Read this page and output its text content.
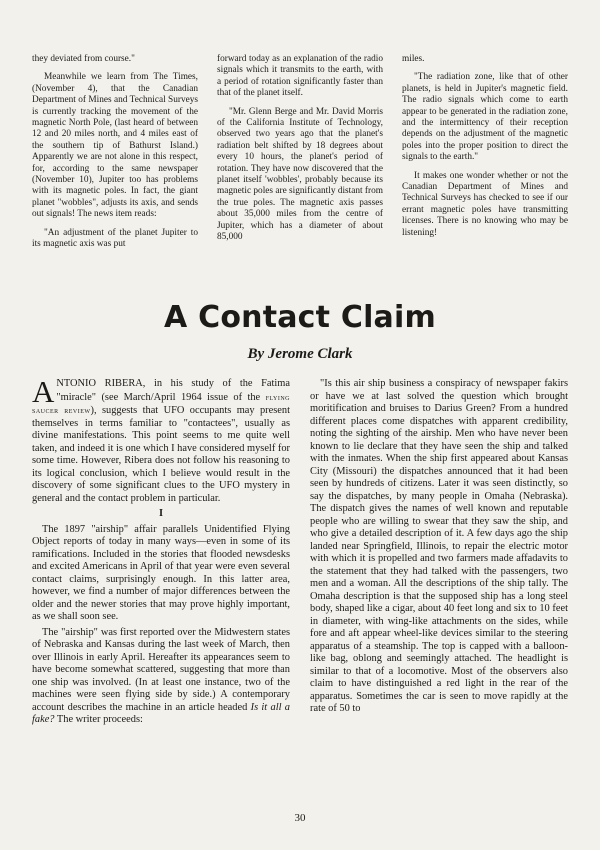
they deviated from course."

Meanwhile we learn from The Times, (November 4), that the Canadian Department of Mines and Technical Surveys is currently tracking the movement of the magnetic North Pole, (last heard of between 12 and 20 miles north, and 4 miles east of the southern tip of Bathurst Island.) Apparently we are not alone in this respect, for, according to the same newspaper (November 10), Jupiter too has problems with its magnetic poles. In fact, the giant planet "wobbles", adjusts its axis, and sends out signals! The news item reads:

"An adjustment of the planet Jupiter to its magnetic axis was put

forward today as an explanation of the radio signals which it transmits to the earth, with a period of rotation significantly faster than that of the planet itself.

"Mr. Glenn Berge and Mr. David Morris of the California Institute of Technology, observed two years ago that the planet's radiation belt shifted by 18 degrees about every 10 hours, the planet's period of rotation. They have now discovered that the planet itself 'wobbles', probably because its magnetic poles are significantly distant from the true poles. The magnetic axis passes about 35,000 miles from the centre of Jupiter, which has a diameter of about 85,000

miles.

"The radiation zone, like that of other planets, is held in Jupiter's magnetic field. The radio signals which come to earth appear to be generated in the radiation zone, and the intermittency of their reception depends on the adjustment of the magnetic poles into the proper position to direct the signals to the earth."

It makes one wonder whether or not the Canadian Department of Mines and Technical Surveys has checked to see if our errant magnetic poles have transmitting licenses. There is no knowing who may be listening!

A Contact Claim
By Jerome Clark

ANTONIO RIBERA, in his study of the Fatima "miracle" (see March/April 1964 issue of the flying saucer review), suggests that UFO occupants may present themselves in terms familiar to "contactees", usually as divine manifestations. This point seems to me quite well taken, and indeed it is one which I have considered myself for some time. However, Ribera does not follow his reasoning to its logical conclusion, which I believe would result in the discovery of some significant clues to the UFO mystery in general and the contact problem in particular.

I

The 1897 "airship" affair parallels Unidentified Flying Object reports of today in many ways—even in some of its ramifications. Included in the stories that flooded newsdesks and excited Americans in April of that year were even several contact claims, surprisingly enough. In this latter area, however, we find a number of major differences between the older and the newer stories that may prove highly important, as we shall soon see.

The "airship" was first reported over the Midwestern states of Nebraska and Kansas during the last week of March, then over Illinois in early April. Hereafter its appearances seem to have become somewhat scattered, suggesting that more than one ship was involved. (In at least one instance, two of the machines were seen flying side by side.) A contemporary account describes the machine in an article headed Is it all a fake? The writer proceeds:

"Is this air ship business a conspiracy of newspaper fakirs or have we at last solved the question which brought moritification and bruises to Darius Green? From a hundred different places come dispatches with apparent credibility, noting the sighting of the airship. Men who have never been known to lie declare that they have seen the ship and talked with the inmates. When the ship first appeared about Kansas City (Missouri) the dispatches announced that it had been seen by hundreds of citizens. Later it was seen distinctly, so say the dispatches, by many people in Omaha (Nebraska). The dispatch gives the names of well known and reputable people who are willing to swear that they saw the ship, and who give a detailed description of it. A few days ago the ship landed near Springfield, Illinois, to repair the electric motor with which it is propelled and two farmers made affadavits to the statement that they had talked with the passengers, two men and a woman. All the descriptions of the ship tally. The Omaha description is that the supposed ship has a long steel body, shaped like a cigar, about 40 feet long and six to 10 feet in diameter, with wing-like attachments on the sides, while fore and aft appear wheel-like devices similar to the steering apparatus of a steamship. The top is capped with a balloon-like bag, oblong and seemingly attached. The headlight is similar to that of a locomotive. Most of the observers also claim to have distinguished a red light in the rear of the apparatus. Sometimes the car is seen to move rapidly at the rate of 50 to

30
